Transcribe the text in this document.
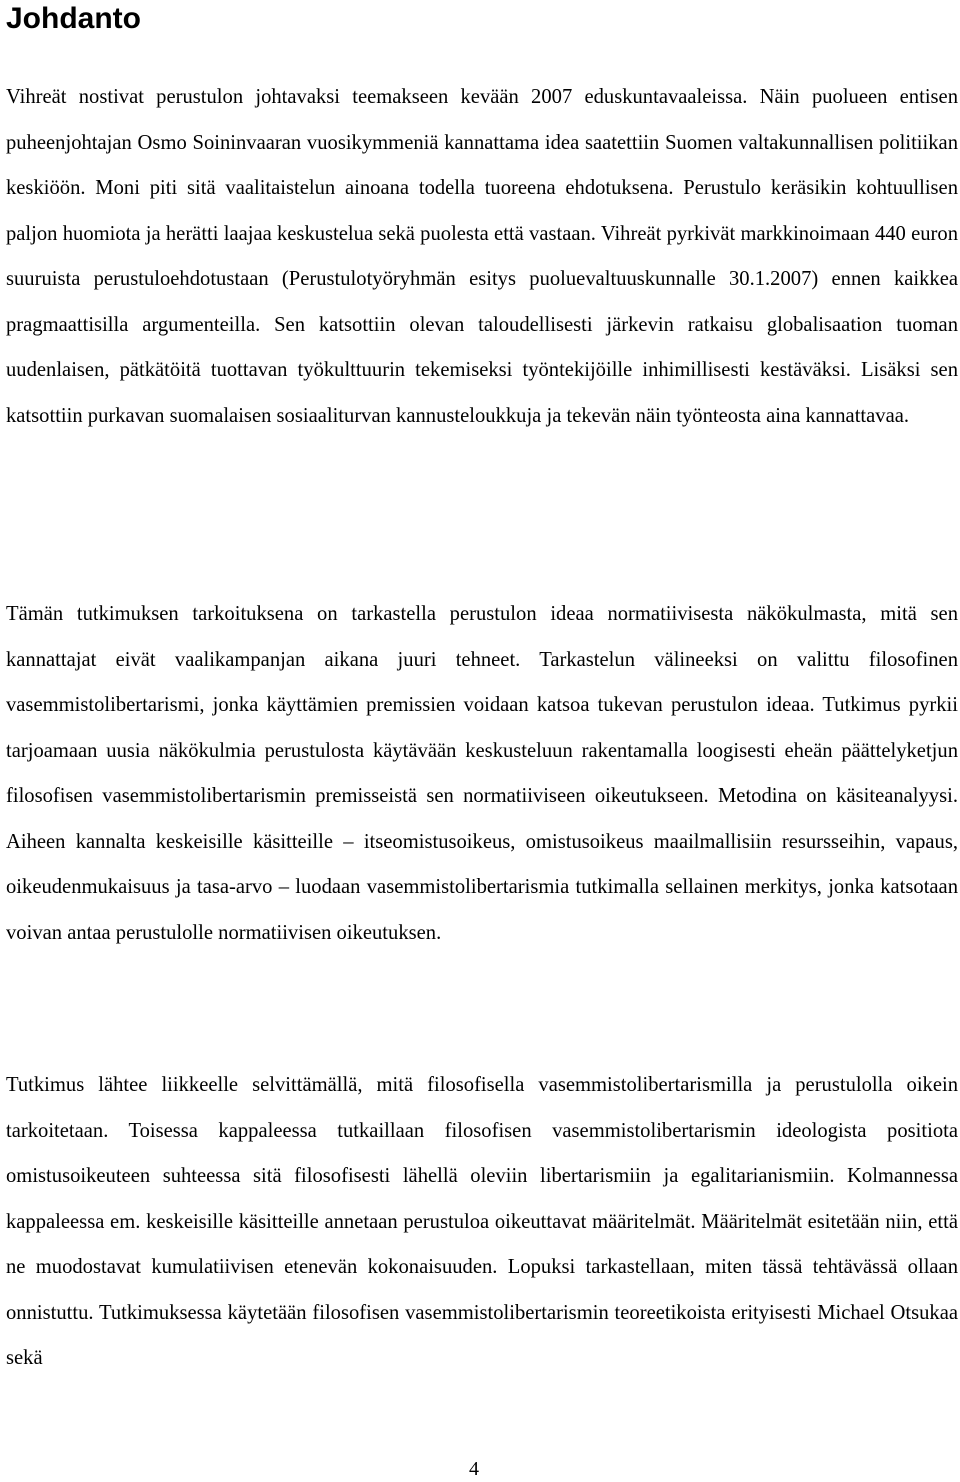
Johdanto

Vihreät nostivat perustulon johtavaksi teemakseen kevään 2007 eduskuntavaaleissa. Näin puolueen entisen puheenjohtajan Osmo Soininvaaran vuosikymmeniä kannattama idea saatettiin Suomen valtakunnallisen politiikan keskiöön. Moni piti sitä vaalitaistelun ainoana todella tuoreena ehdotuksena. Perustulo keräsikin kohtuullisen paljon huomiota ja herätti laajaa keskustelua sekä puolesta että vastaan. Vihreät pyrkivät markkinoimaan 440 euron suuruista perustuloehdotustaan (Perustulotyöryhmän esitys puoluevaltuuskunnalle 30.1.2007) ennen kaikkea pragmaattisilla argumenteilla. Sen katsottiin olevan taloudellisesti järkevin ratkaisu globalisaation tuoman uudenlaisen, pätkätöitä tuottavan työkulttuurin tekemiseksi työntekijöille inhimillisesti kestäväksi. Lisäksi sen katsottiin purkavan suomalaisen sosiaaliturvan kannusteloukkuja ja tekevän näin työnteosta aina kannattavaa.

Tämän tutkimuksen tarkoituksena on tarkastella perustulon ideaa normatiivisesta näkökulmasta, mitä sen kannattajat eivät vaalikampanjan aikana juuri tehneet. Tarkastelun välineeksi on valittu filosofinen vasemmistolibertarismi, jonka käyttämien premissien voidaan katsoa tukevan perustulon ideaa. Tutkimus pyrkii tarjoamaan uusia näkökulmia perustulosta käytävään keskusteluun rakentamalla loogisesti eheän päättelyketjun filosofisen vasemmistolibertarismin premisseistä sen normatiiviseen oikeutukseen. Metodina on käsiteanalyysi. Aiheen kannalta keskeisille käsitteille – itseomistusoikeus, omistusoikeus maailmallisiin resursseihin, vapaus, oikeudenmukaisuus ja tasa-arvo – luodaan vasemmistolibertarismia tutkimalla sellainen merkitys, jonka katsotaan voivan antaa perustulolle normatiivisen oikeutuksen.

Tutkimus lähtee liikkeelle selvittämällä, mitä filosofisella vasemmistolibertarismilla ja perustulolla oikein tarkoitetaan. Toisessa kappaleessa tutkaillaan filosofisen vasemmistolibertarismin ideologista positiota omistusoikeuteen suhteessa sitä filosofisesti lähellä oleviin libertarismiin ja egalitarianismiin. Kolmannessa kappaleessa em. keskeisille käsitteille annetaan perustuloa oikeuttavat määritelmät. Määritelmät esitetään niin, että ne muodostavat kumulatiivisen etenevän kokonaisuuden. Lopuksi tarkastellaan, miten tässä tehtävässä ollaan onnistuttu. Tutkimuksessa käytetään filosofisen vasemmistolibertarismin teoreetikoista erityisesti Michael Otsukaa sekä

4
